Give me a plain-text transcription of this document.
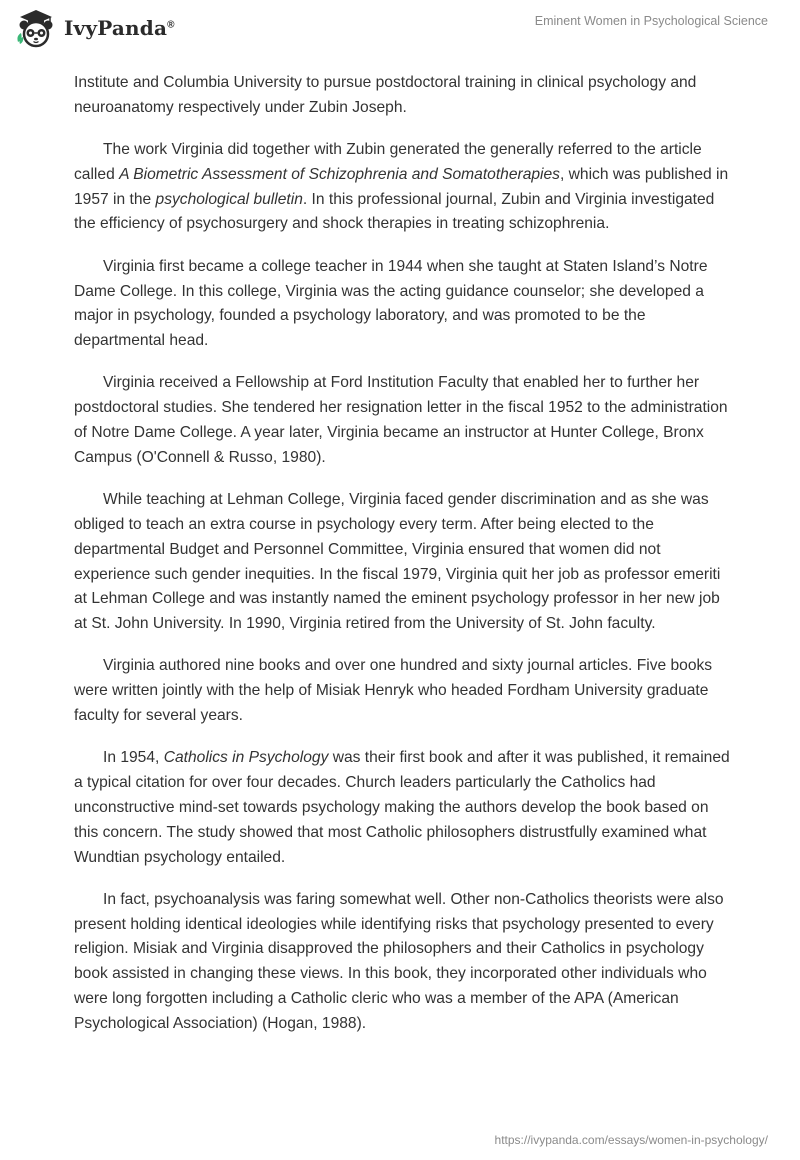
IvyPanda®	Eminent Women in Psychological Science

Institute and Columbia University to pursue postdoctoral training in clinical psychology and neuroanatomy respectively under Zubin Joseph.

The work Virginia did together with Zubin generated the generally referred to the article called A Biometric Assessment of Schizophrenia and Somatotherapies, which was published in 1957 in the psychological bulletin. In this professional journal, Zubin and Virginia investigated the efficiency of psychosurgery and shock therapies in treating schizophrenia.

Virginia first became a college teacher in 1944 when she taught at Staten Island’s Notre Dame College. In this college, Virginia was the acting guidance counselor; she developed a major in psychology, founded a psychology laboratory, and was promoted to be the departmental head.

Virginia received a Fellowship at Ford Institution Faculty that enabled her to further her postdoctoral studies. She tendered her resignation letter in the fiscal 1952 to the administration of Notre Dame College. A year later, Virginia became an instructor at Hunter College, Bronx Campus (O'Connell & Russo, 1980).

While teaching at Lehman College, Virginia faced gender discrimination and as she was obliged to teach an extra course in psychology every term. After being elected to the departmental Budget and Personnel Committee, Virginia ensured that women did not experience such gender inequities. In the fiscal 1979, Virginia quit her job as professor emeriti at Lehman College and was instantly named the eminent psychology professor in her new job at St. John University. In 1990, Virginia retired from the University of St. John faculty.

Virginia authored nine books and over one hundred and sixty journal articles. Five books were written jointly with the help of Misiak Henryk who headed Fordham University graduate faculty for several years.

In 1954, Catholics in Psychology was their first book and after it was published, it remained a typical citation for over four decades. Church leaders particularly the Catholics had unconstructive mind-set towards psychology making the authors develop the book based on this concern. The study showed that most Catholic philosophers distrustfully examined what Wundtian psychology entailed.

In fact, psychoanalysis was faring somewhat well. Other non-Catholics theorists were also present holding identical ideologies while identifying risks that psychology presented to every religion. Misiak and Virginia disapproved the philosophers and their Catholics in psychology book assisted in changing these views. In this book, they incorporated other individuals who were long forgotten including a Catholic cleric who was a member of the APA (American Psychological Association) (Hogan, 1988).

https://ivypanda.com/essays/women-in-psychology/
